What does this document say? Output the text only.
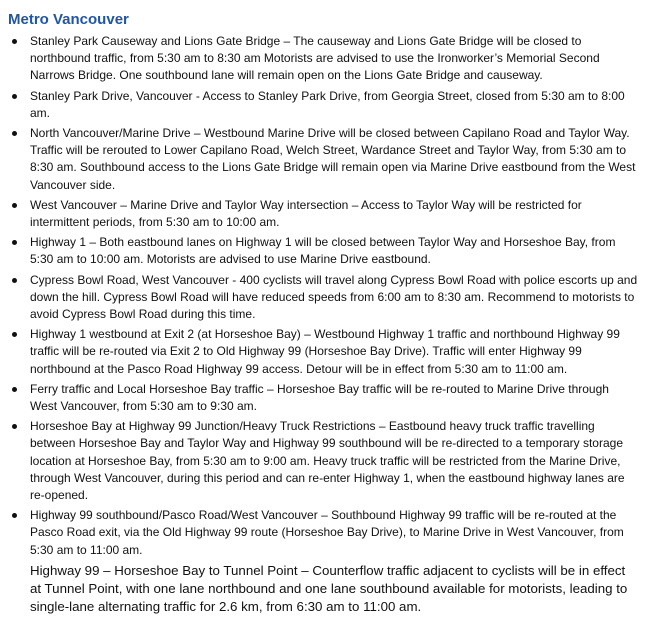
Metro Vancouver
Stanley Park Causeway and Lions Gate Bridge – The causeway and Lions Gate Bridge will be closed to northbound traffic, from 5:30 am to 8:30 am Motorists are advised to use the Ironworker’s Memorial Second Narrows Bridge. One southbound lane will remain open on the Lions Gate Bridge and causeway.
Stanley Park Drive, Vancouver - Access to Stanley Park Drive, from Georgia Street, closed from 5:30 am to 8:00 am.
North Vancouver/Marine Drive – Westbound Marine Drive will be closed between Capilano Road and Taylor Way. Traffic will be rerouted to Lower Capilano Road, Welch Street, Wardance Street and Taylor Way, from 5:30 am to 8:30 am. Southbound access to the Lions Gate Bridge will remain open via Marine Drive eastbound from the West Vancouver side.
West Vancouver – Marine Drive and Taylor Way intersection – Access to Taylor Way will be restricted for intermittent periods, from 5:30 am to 10:00 am.
Highway 1 – Both eastbound lanes on Highway 1 will be closed between Taylor Way and Horseshoe Bay, from 5:30 am to 10:00 am. Motorists are advised to use Marine Drive eastbound.
Cypress Bowl Road, West Vancouver - 400 cyclists will travel along Cypress Bowl Road with police escorts up and down the hill. Cypress Bowl Road will have reduced speeds from 6:00 am to 8:30 am. Recommend to motorists to avoid Cypress Bowl Road during this time.
Highway 1 westbound at Exit 2 (at Horseshoe Bay) – Westbound Highway 1 traffic and northbound Highway 99 traffic will be re-routed via Exit 2 to Old Highway 99 (Horseshoe Bay Drive). Traffic will enter Highway 99 northbound at the Pasco Road Highway 99 access. Detour will be in effect from 5:30 am to 11:00 am.
Ferry traffic and Local Horseshoe Bay traffic – Horseshoe Bay traffic will be re-routed to Marine Drive through West Vancouver, from 5:30 am to 9:30 am.
Horseshoe Bay at Highway 99 Junction/Heavy Truck Restrictions – Eastbound heavy truck traffic travelling between Horseshoe Bay and Taylor Way and Highway 99 southbound will be re-directed to a temporary storage location at Horseshoe Bay, from 5:30 am to 9:00 am. Heavy truck traffic will be restricted from the Marine Drive, through West Vancouver, during this period and can re-enter Highway 1, when the eastbound highway lanes are re-opened.
Highway 99 southbound/Pasco Road/West Vancouver – Southbound Highway 99 traffic will be re-routed at the Pasco Road exit, via the Old Highway 99 route (Horseshoe Bay Drive), to Marine Drive in West Vancouver, from 5:30 am to 11:00 am.
Highway 99 – Horseshoe Bay to Tunnel Point – Counterflow traffic adjacent to cyclists will be in effect at Tunnel Point, with one lane northbound and one lane southbound available for motorists, leading to single-lane alternating traffic for 2.6 km, from 6:30 am to 11:00 am.
